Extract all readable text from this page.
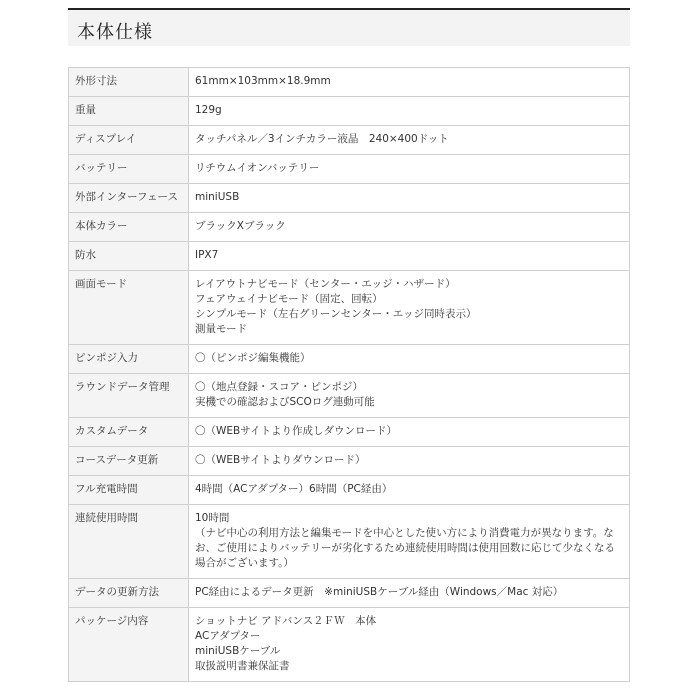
本体仕様
外形寸法	61mm×103mm×18.9mm

重量	129g

ディスプレイ	タッチパネル／3インチカラー液晶　240×400ドット

バッテリー	リチウムイオンバッテリー

外部インターフェース	miniUSB

本体カラー	ブラックXブラック

防水	IPX7

画面モード	レイアウトナビモード（センター・エッジ・ハザード）
フェアウェイナビモード（固定、回転）
シンプルモード（左右グリーンセンター・エッジ同時表示）
測量モード

ピンポジ入力	〇（ピンポジ編集機能）

ラウンドデータ管理	〇（地点登録・スコア・ピンポジ）
実機での確認およびSCOログ連動可能

カスタムデータ	〇（WEBサイトより作成しダウンロード）

コースデータ更新	〇（WEBサイトよりダウンロード）

フル充電時間	4時間（ACアダプター）6時間（PC経由）

連続使用時間	10時間
（ナビ中心の利用方法と編集モードを中心とした使い方により消費電力が異なります。なお、ご使用によりバッテリーが劣化するため連続使用時間は使用回数に応じて少なくなる場合がございます。）

データの更新方法	PC経由によるデータ更新　※miniUSBケーブル経由（Windows／Mac 対応）

パッケージ内容	ショットナビ アドバンス２ＦＷ　本体
ACアダプター
miniUSBケーブル
取扱説明書兼保証書
